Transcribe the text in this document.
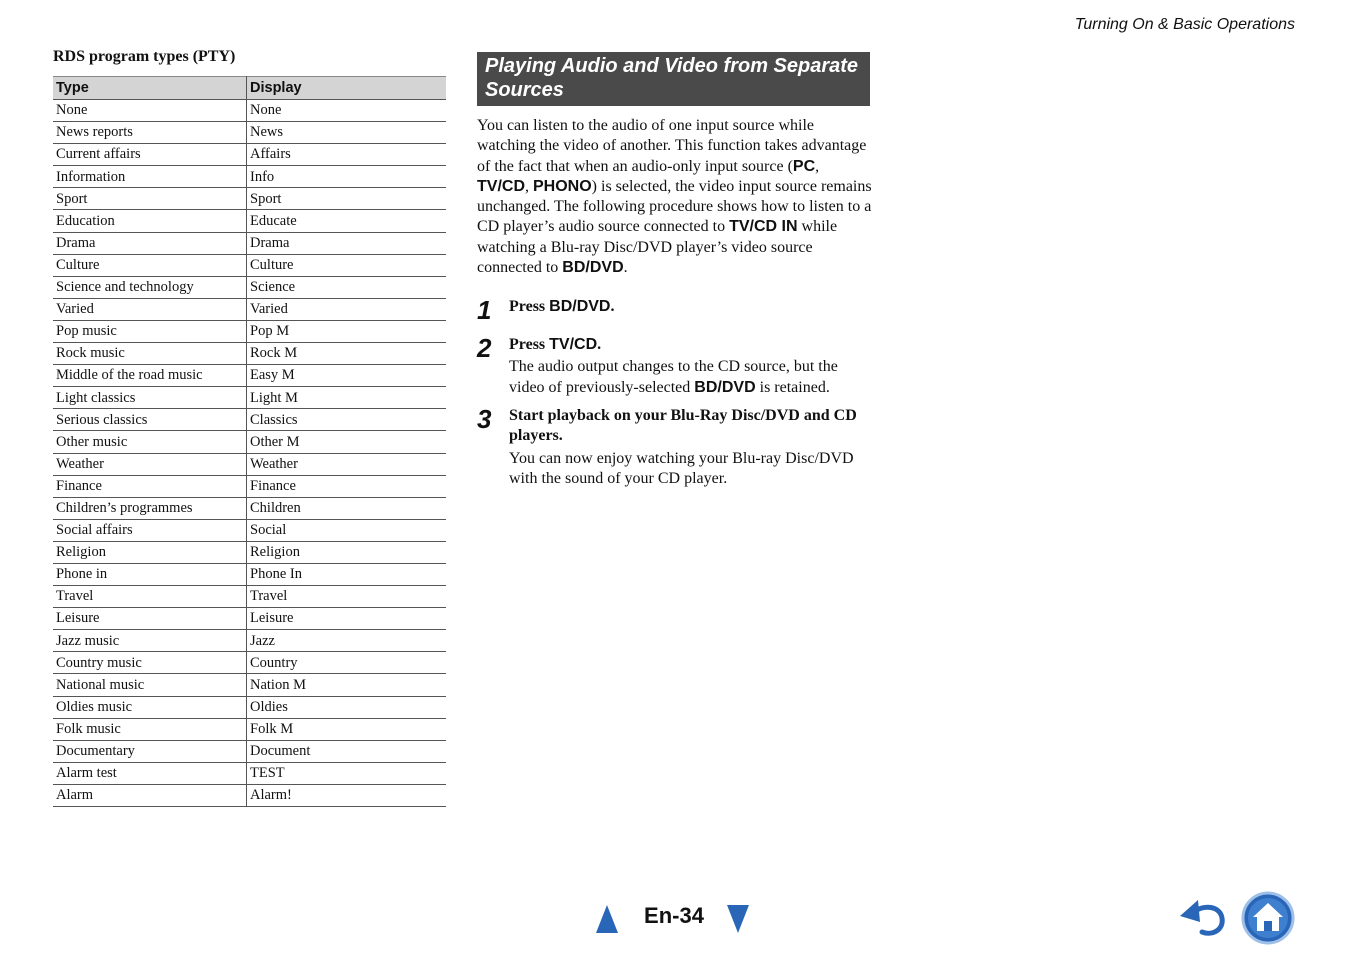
Turning On & Basic Operations
RDS program types (PTY)
Type	Display
None	None
News reports	News
Current affairs	Affairs
Information	Info
Sport	Sport
Education	Educate
Drama	Drama
Culture	Culture
Science and technology	Science
Varied	Varied
Pop music	Pop M
Rock music	Rock M
Middle of the road music	Easy M
Light classics	Light M
Serious classics	Classics
Other music	Other M
Weather	Weather
Finance	Finance
Children’s programmes	Children
Social affairs	Social
Religion	Religion
Phone in	Phone In
Travel	Travel
Leisure	Leisure
Jazz music	Jazz
Country music	Country
National music	Nation M
Oldies music	Oldies
Folk music	Folk M
Documentary	Document
Alarm test	TEST
Alarm	Alarm!
Playing Audio and Video from Separate Sources

You can listen to the audio of one input source while watching the video of another. This function takes advantage of the fact that when an audio-only input source (PC, TV/CD, PHONO) is selected, the video input source remains unchanged. The following procedure shows how to listen to a CD player’s audio source connected to TV/CD IN while watching a Blu-ray Disc/DVD player’s video source connected to BD/DVD.

1 Press BD/DVD.
2 Press TV/CD.
The audio output changes to the CD source, but the video of previously-selected BD/DVD is retained.
3 Start playback on your Blu-Ray Disc/DVD and CD players.
You can now enjoy watching your Blu-ray Disc/DVD with the sound of your CD player.
En-34
